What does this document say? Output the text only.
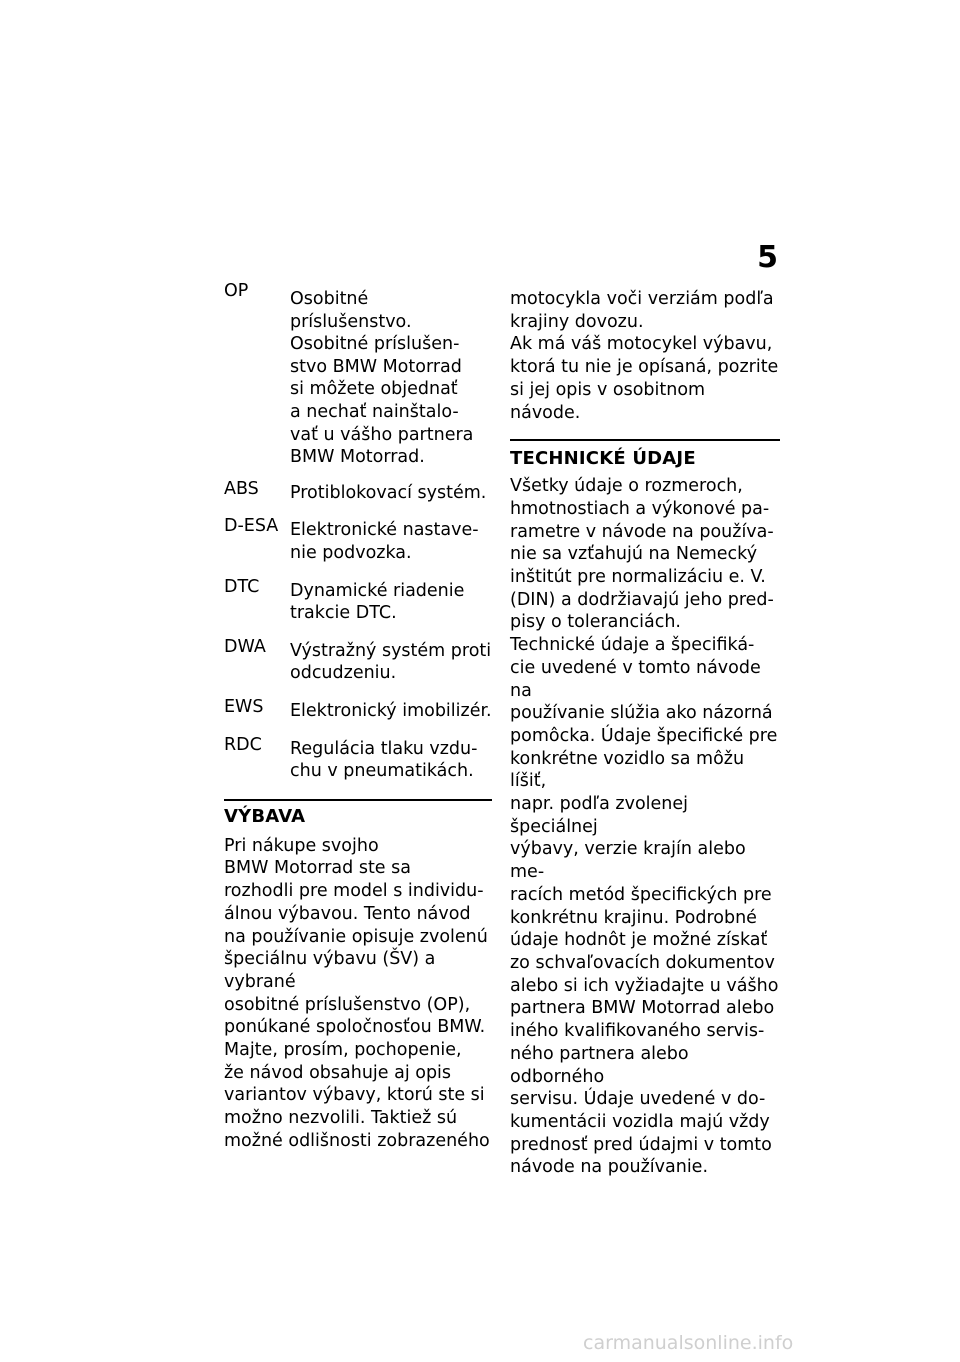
5
OP	Osobitné príslušenstvo.
Osobitné príslušen-
stvo BMW Motorrad
si môžete objednať
a nechať nainštalo-
vať u vášho partnera
BMW Motorrad.
ABS	Protiblokovací systém.
D-ESA Elektronické nastave-
nie podvozka.
DTC	Dynamické riadenie
trakcie DTC.
DWA	Výstražný systém proti
odcudzeniu.
EWS	Elektronický imobilizér.
RDC	Regulácia tlaku vzdu-
chu v pneumatikách.
VÝBAVA

Pri nákupe svojho
BMW Motorrad ste sa
rozhodli pre model s individu-
álnou výbavou. Tento návod
na používanie opisuje zvolenú
špeciálnu výbavu (ŠV) a vybrané
osobitné príslušenstvo (OP),
ponúkané spoločnosťou BMW.
Majte, prosím, pochopenie,
že návod obsahuje aj opis
variantov výbavy, ktorú ste si
možno nezvolili. Taktiež sú
možné odlišnosti zobrazeného

motocykla voči verziám podľa
krajiny dovozu.
Ak má váš motocykel výbavu,
ktorá tu nie je opísaná, pozrite
si jej opis v osobitnom návode.

TECHNICKÉ ÚDAJE

Všetky údaje o rozmeroch,
hmotnostiach a výkonové pa-
rametre v návode na používa-
nie sa vzťahujú na Nemecký
inštitút pre normalizáciu e. V.
(DIN) a dodržiavajú jeho pred-
pisy o toleranciách.
Technické údaje a špecifiká-
cie uvedené v tomto návode na
používanie slúžia ako názorná
pomôcka. Údaje špecifické pre
konkrétne vozidlo sa môžu líšiť,
napr. podľa zvolenej špeciálnej
výbavy, verzie krajín alebo me-
racích metód špecifických pre
konkrétnu krajinu. Podrobné
údaje hodnôt je možné získať
zo schvaľovacích dokumentov
alebo si ich vyžiadajte u vášho
partnera BMW Motorrad alebo
iného kvalifikovaného servis-
ného partnera alebo odborného
servisu. Údaje uvedené v do-
kumentácii vozidla majú vždy
prednosť pred údajmi v tomto
návode na používanie.

carmanualsonline.info
